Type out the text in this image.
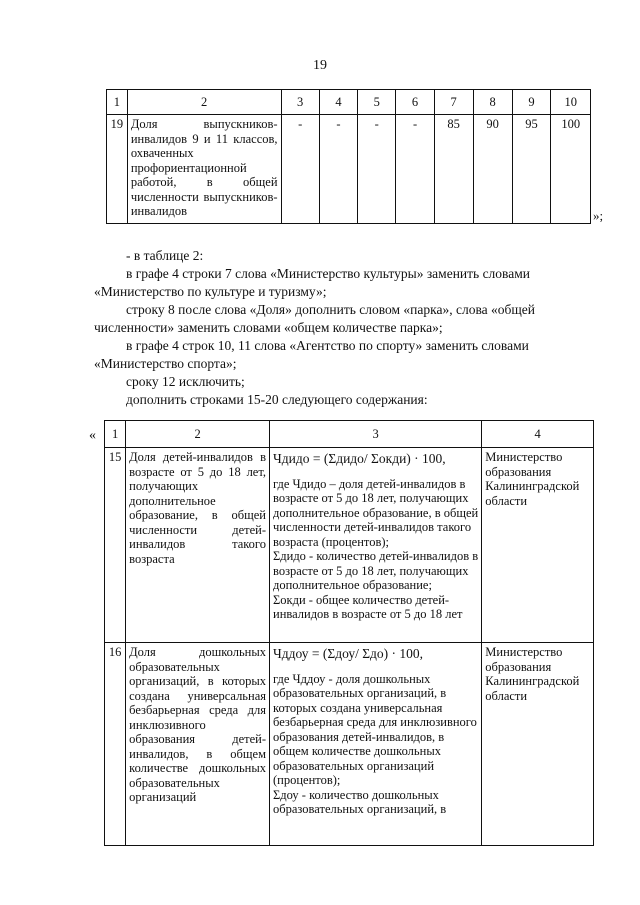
19
1	2	3	4	5	6	7	8	9	10
19	Доля выпускников-инвалидов 9 и 11 классов, охваченных профориентационной работой, в общей численности выпускников-инвалидов	-	-	-	-	85	90	95	100
»;
- в таблице 2:
в графе 4 строки 7 слова «Министерство культуры» заменить словами
«Министерство по культуре и туризму»;
строку 8 после слова «Доля» дополнить словом «парка», слова «общей
численности» заменить словами «общем количестве парка»;
в графе 4 строк 10, 11 слова «Агентство по спорту» заменить словами
«Министерство спорта»;
сроку 12 исключить;
дополнить строками 15-20 следующего содержания:
« 1	2	3	4
15	Доля детей-инвалидов в возрасте от 5 до 18 лет, получающих дополнительное образование, в общей численности детей-инвалидов такого возраста	Чдидо = (Σдидо/ Σокди) · 100,
где Чдидо – доля детей-инвалидов в возрасте от 5 до 18 лет, получающих дополнительное образование, в общей численности детей-инвалидов такого возраста (процентов);
Σдидо - количество детей-инвалидов в возрасте от 5 до 18 лет, получающих дополнительное образование;
Σокди - общее количество детей-инвалидов в возрасте от 5 до 18 лет	Министерство образования Калининградской области
16	Доля дошкольных образовательных организаций, в которых создана универсальная безбарьерная среда для инклюзивного образования детей-инвалидов, в общем количестве дошкольных образовательных организаций	Чддоу = (Σдоу/ Σдо) · 100,
где Чддоу - доля дошкольных образовательных организаций, в которых создана универсальная безбарьерная среда для инклюзивного образования детей-инвалидов, в общем количестве дошкольных образовательных организаций (процентов);
Σдоу - количество дошкольных образовательных организаций, в	Министерство образования Калининградской области
